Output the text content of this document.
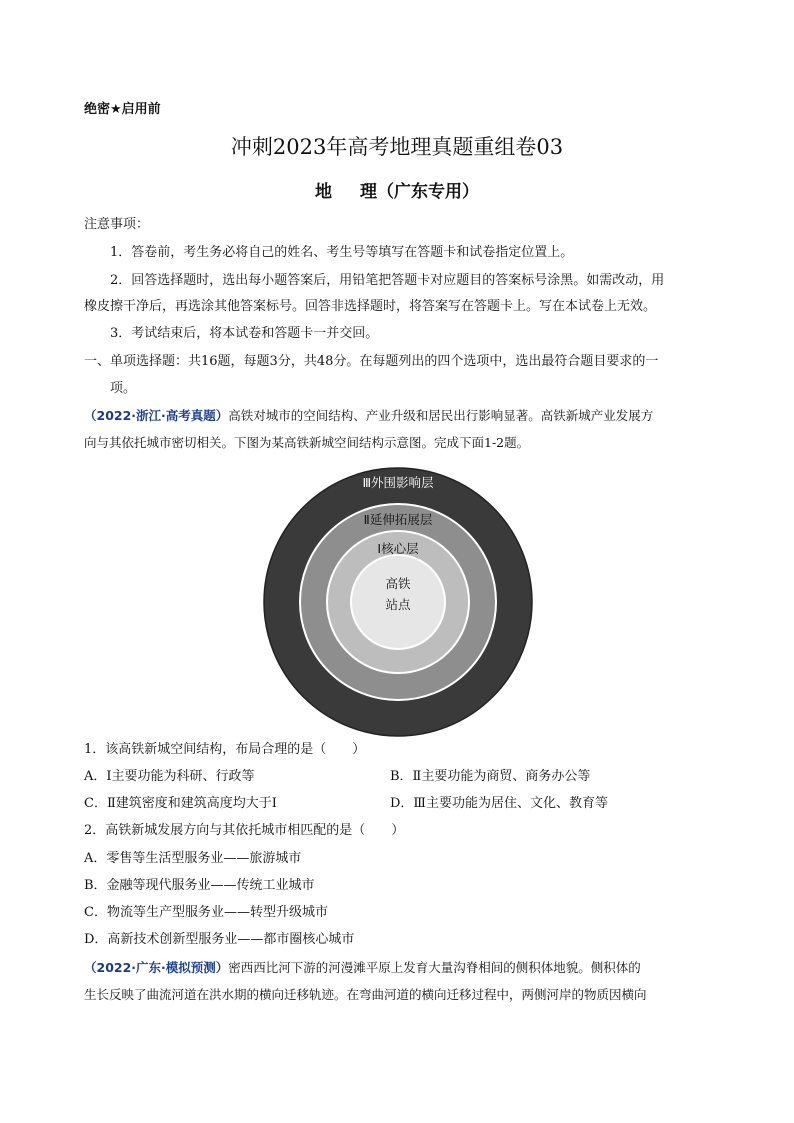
绝密★启用前
冲刺2023年高考地理真题重组卷03
地 理（广东专用）
注意事项：
1．答卷前，考生务必将自己的姓名、考生号等填写在答题卡和试卷指定位置上。
2．回答选择题时，选出每小题答案后，用铅笔把答题卡对应题目的答案标号涂黑。如需改动，用
橡皮擦干净后，再选涂其他答案标号。回答非选择题时，将答案写在答题卡上。写在本试卷上无效。
3．考试结束后，将本试卷和答题卡一并交回。
一、单项选择题：共16题，每题3分，共48分。在每题列出的四个选项中，选出最符合题目要求的一
项。
（2022·浙江·高考真题）高铁对城市的空间结构、产业升级和居民出行影响显著。高铁新城产业发展方
向与其依托城市密切相关。下图为某高铁新城空间结构示意图。完成下面1-2题。
Ⅲ外围影响层
Ⅱ延伸拓展层
Ⅰ核心层
高铁
站点
1．该高铁新城空间结构，布局合理的是（　　）
A．Ⅰ主要功能为科研、行政等	B．Ⅱ主要功能为商贸、商务办公等
C．Ⅱ建筑密度和建筑高度均大于Ⅰ	D．Ⅲ主要功能为居住、文化、教育等
2．高铁新城发展方向与其依托城市相匹配的是（　　）
A．零售等生活型服务业——旅游城市
B．金融等现代服务业——传统工业城市
C．物流等生产型服务业——转型升级城市
D．高新技术创新型服务业——都市圈核心城市
（2022·广东·模拟预测）密西西比河下游的河漫滩平原上发育大量沟脊相间的侧积体地貌。侧积体的
生长反映了曲流河道在洪水期的横向迁移轨迹。在弯曲河道的横向迁移过程中，两侧河岸的物质因横向
